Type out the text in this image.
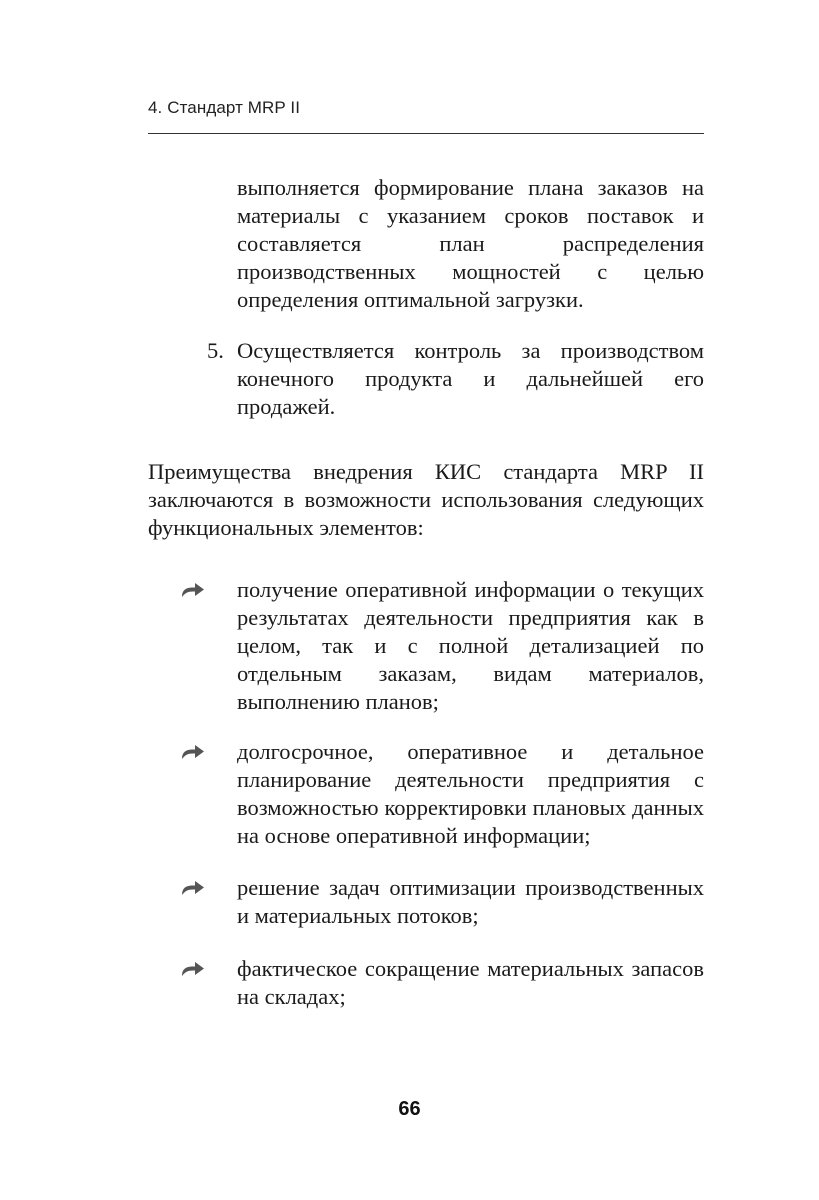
4. Стандарт MRP II

выполняется формирование плана заказов на материалы с указанием сроков поставок и составляется план распределения производственных мощностей с целью определения оптимальной загрузки.

5. Осуществляется контроль за производством конечного продукта и дальнейшей его продажей.

Преимущества внедрения КИС стандарта MRP II заключаются в возможности использования следующих функциональных элементов:

получение оперативной информации о текущих результатах деятельности предприятия как в целом, так и с полной детализацией по отдельным заказам, видам материалов, выполнению планов;

долгосрочное, оперативное и детальное планирование деятельности предприятия с возможностью корректировки плановых данных на основе оперативной информации;

решение задач оптимизации производственных и материальных потоков;

фактическое сокращение материальных запасов на складах;

66
